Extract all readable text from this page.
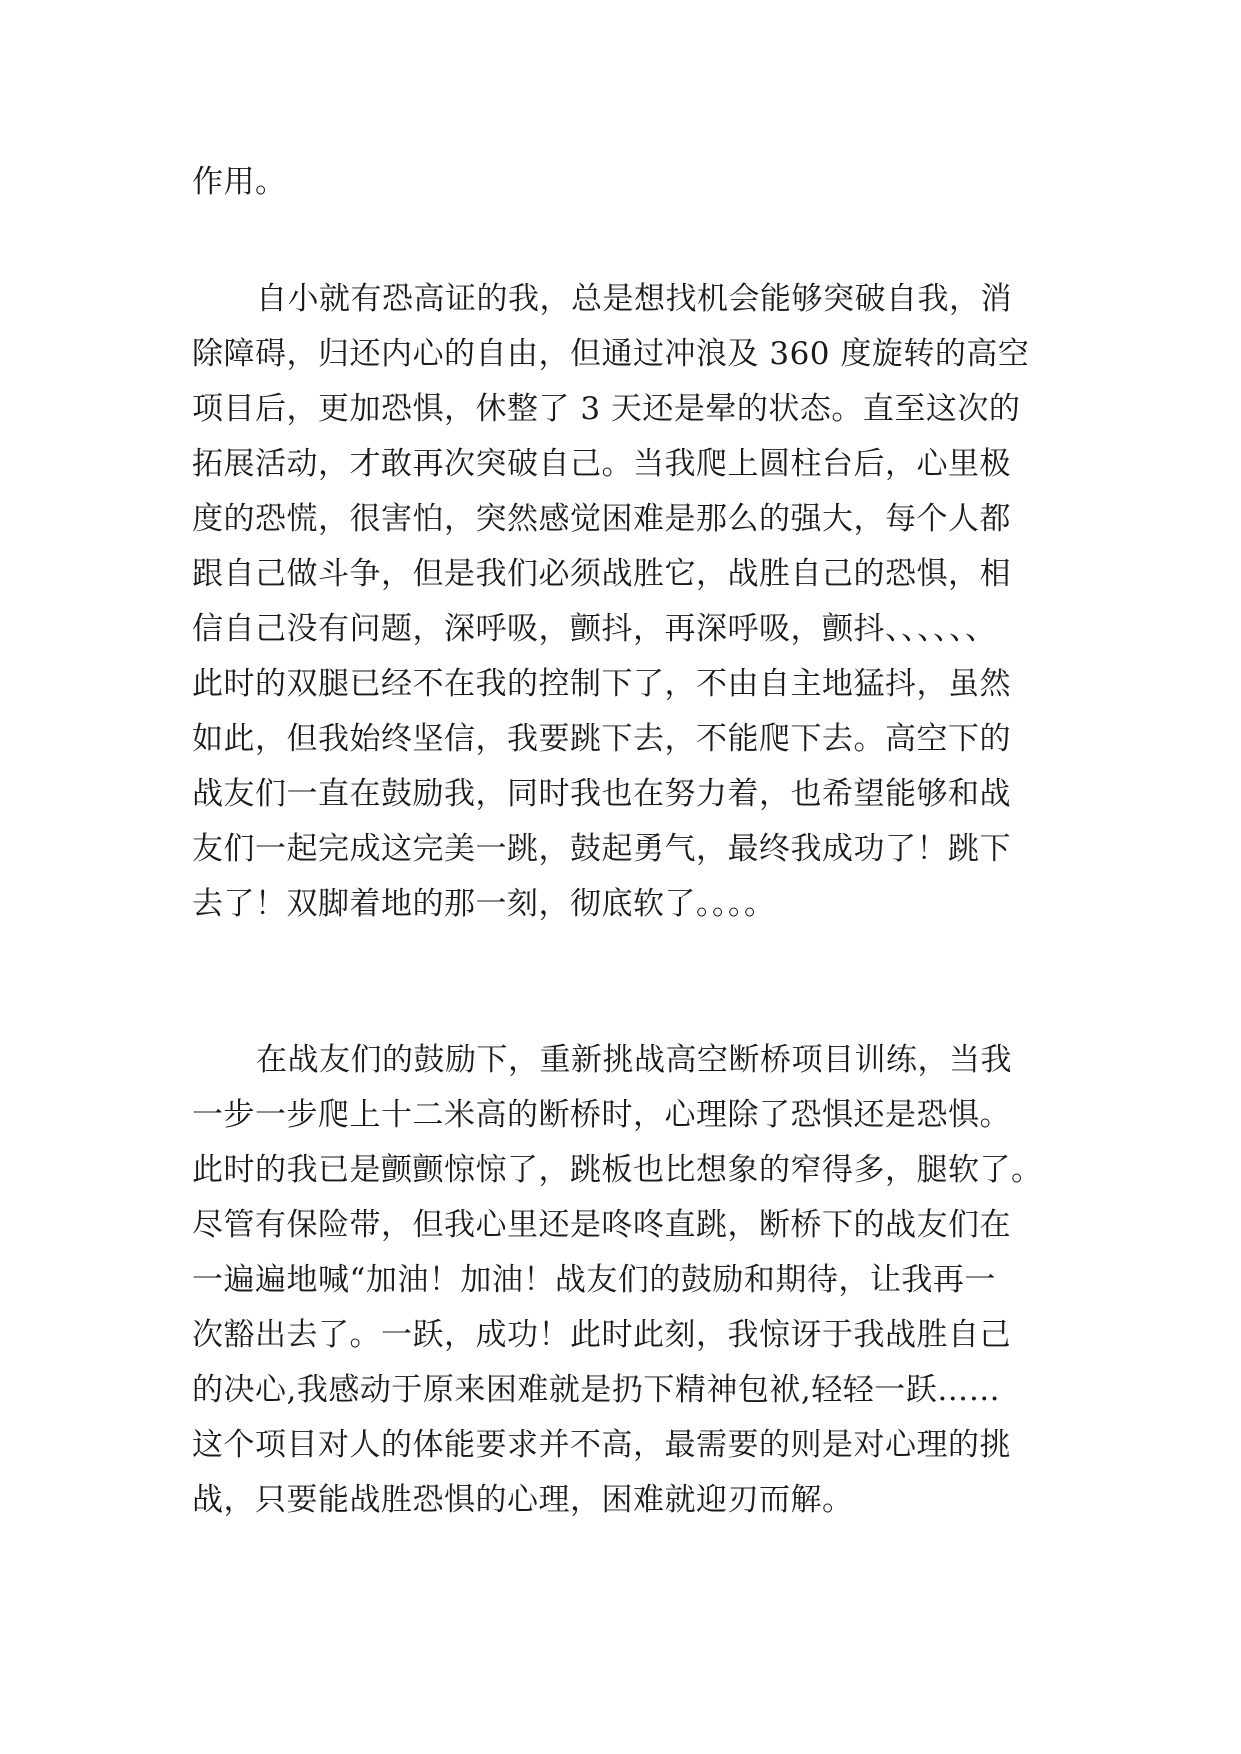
作用。
自小就有恐高证的我，总是想找机会能够突破自我，消
除障碍，归还内心的自由，但通过冲浪及 360 度旋转的高空
项目后，更加恐惧，休整了 3 天还是晕的状态。直至这次的
拓展活动，才敢再次突破自己。当我爬上圆柱台后，心里极
度的恐慌，很害怕，突然感觉困难是那么的强大，每个人都
跟自己做斗争，但是我们必须战胜它，战胜自己的恐惧，相
信自己没有问题，深呼吸，颤抖，再深呼吸，颤抖、、、、、、
此时的双腿已经不在我的控制下了，不由自主地猛抖，虽然
如此，但我始终坚信，我要跳下去，不能爬下去。高空下的
战友们一直在鼓励我，同时我也在努力着，也希望能够和战
友们一起完成这完美一跳，鼓起勇气，最终我成功了！跳下
去了！双脚着地的那一刻，彻底软了。。。。
在战友们的鼓励下，重新挑战高空断桥项目训练，当我
一步一步爬上十二米高的断桥时，心理除了恐惧还是恐惧。
此时的我已是颤颤惊惊了，跳板也比想象的窄得多，腿软了。
尽管有保险带，但我心里还是咚咚直跳，断桥下的战友们在
一遍遍地喊“加油！加油！战友们的鼓励和期待，让我再一
次豁出去了。一跃，成功！此时此刻，我惊讶于我战胜自己
的决心,我感动于原来困难就是扔下精神包袱,轻轻一跃……
这个项目对人的体能要求并不高，最需要的则是对心理的挑
战，只要能战胜恐惧的心理，困难就迎刃而解。
